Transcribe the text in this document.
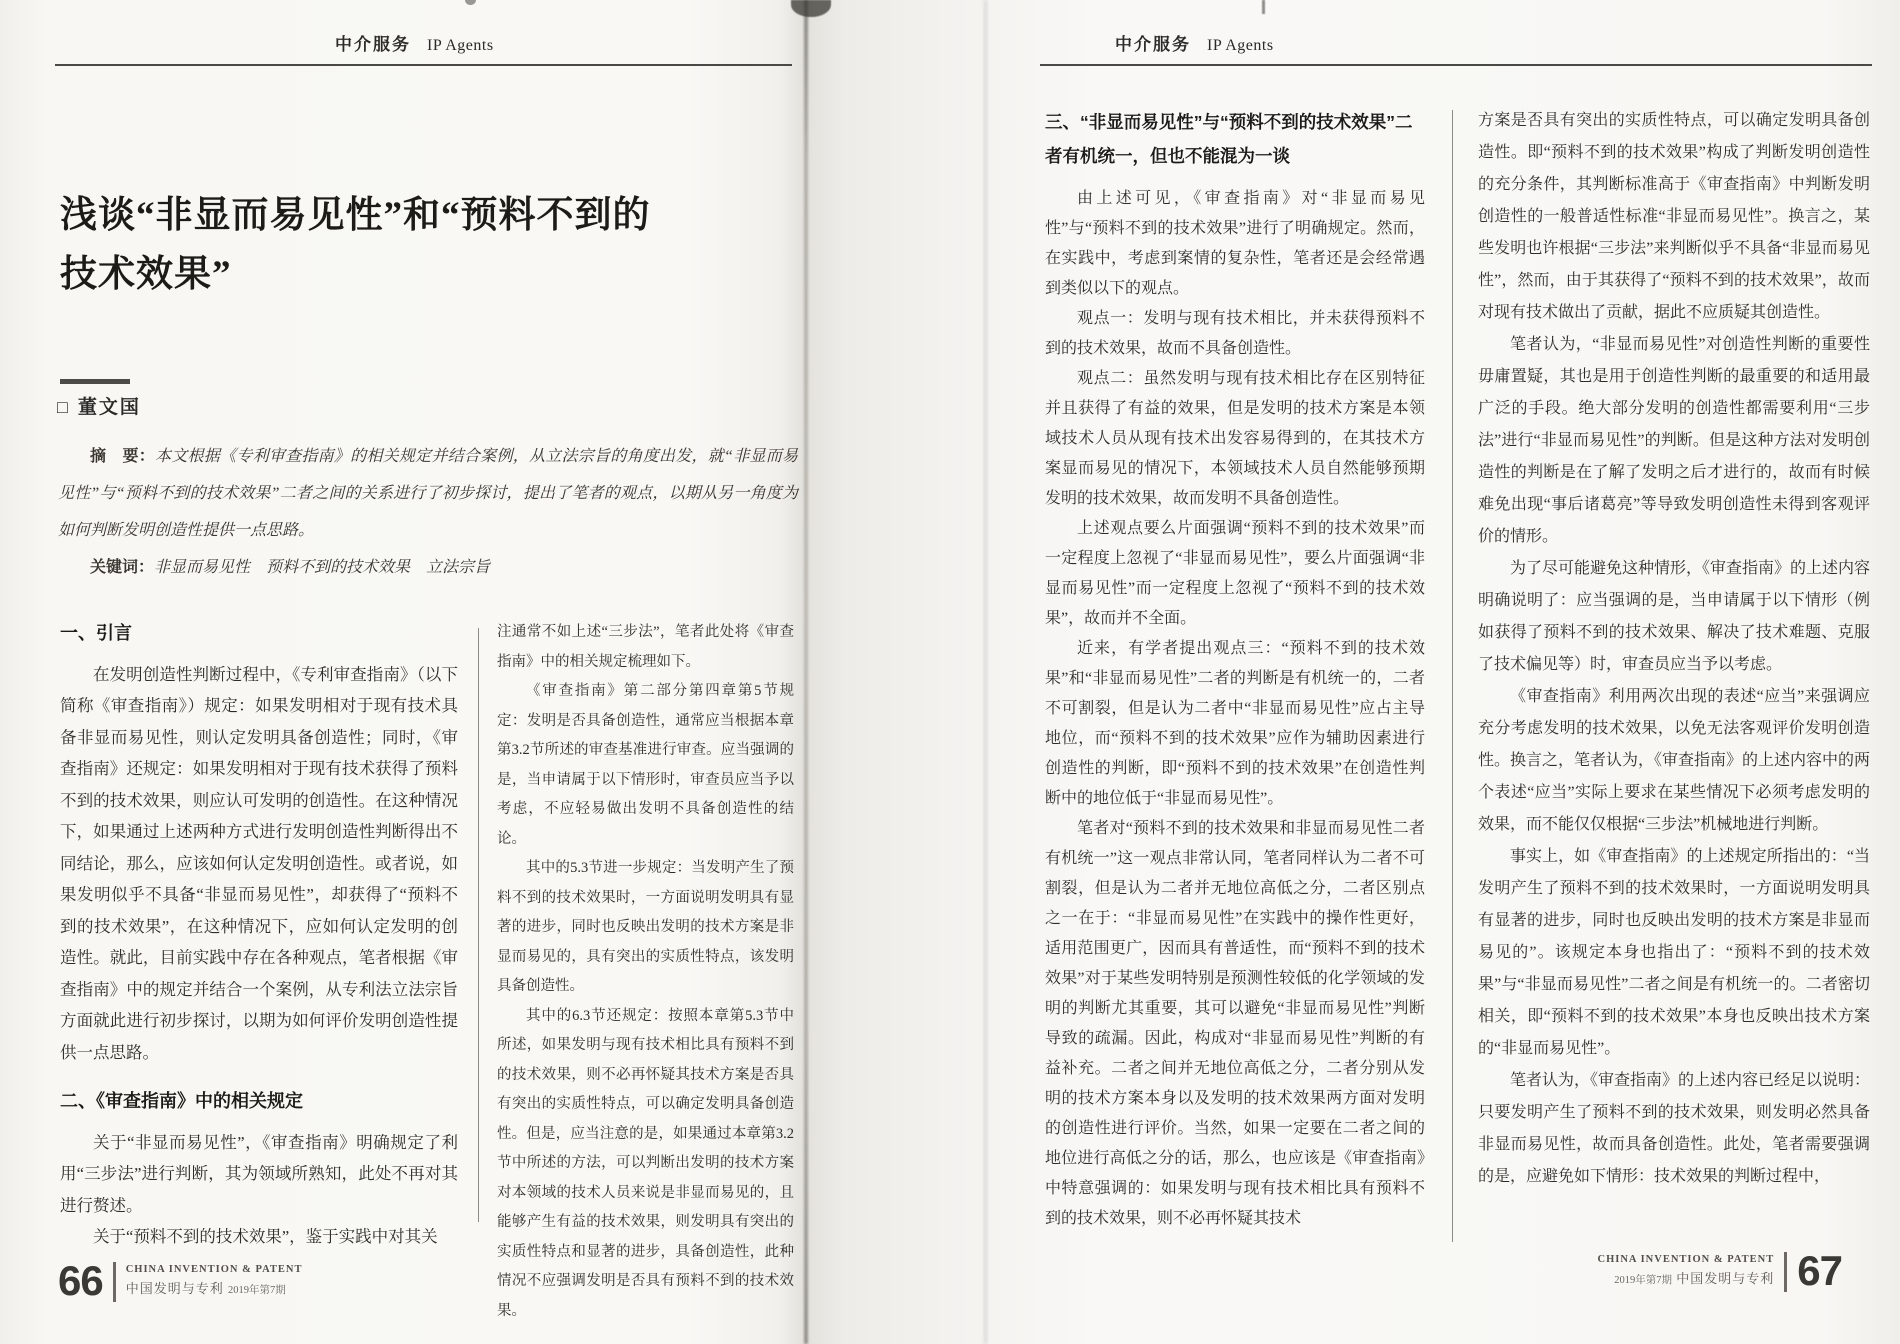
中介服务 IP Agents	中介服务 IP Agents
浅谈“非显而易见性”和“预料不到的
技术效果”
□ 董文国

摘　要：本文根据《专利审查指南》的相关规定并结合案例，从立法宗旨的角度出发，就“非显而易见性”与“预料不到的技术效果”二者之间的关系进行了初步探讨，提出了笔者的观点，以期从另一角度为如何判断发明创造性提供一点思路。

关键词：非显而易见性　预料不到的技术效果　立法宗旨
一、引言

在发明创造性判断过程中，《专利审查指南》（以下简称《审查指南》）规定：如果发明相对于现有技术具备非显而易见性，则认定发明具备创造性；同时，《审查指南》还规定：如果发明相对于现有技术获得了预料不到的技术效果，则应认可发明的创造性。在这种情况下，如果通过上述两种方式进行发明创造性判断得出不同结论，那么，应该如何认定发明创造性。或者说，如果发明似乎不具备“非显而易见性”，却获得了“预料不到的技术效果”，在这种情况下，应如何认定发明的创造性。就此，目前实践中存在各种观点，笔者根据《审查指南》中的规定并结合一个案例，从专利法立法宗旨方面就此进行初步探讨，以期为如何评价发明创造性提供一点思路。

二、《审查指南》中的相关规定

关于“非显而易见性”，《审查指南》明确规定了利用“三步法”进行判断，其为领域所熟知，此处不再对其进行赘述。

关于“预料不到的技术效果”，鉴于实践中对其关

注通常不如上述“三步法”，笔者此处将《审查指南》中的相关规定梳理如下。

《审查指南》第二部分第四章第5节规定：发明是否具备创造性，通常应当根据本章第3.2节所述的审查基准进行审查。应当强调的是，当申请属于以下情形时，审查员应当予以考虑，不应轻易做出发明不具备创造性的结论。

其中的5.3节进一步规定：当发明产生了预料不到的技术效果时，一方面说明发明具有显著的进步，同时也反映出发明的技术方案是非显而易见的，具有突出的实质性特点，该发明具备创造性。

其中的6.3节还规定：按照本章第5.3节中所述，如果发明与现有技术相比具有预料不到的技术效果，则不必再怀疑其技术方案是否具有突出的实质性特点，可以确定发明具备创造性。但是，应当注意的是，如果通过本章第3.2节中所述的方法，可以判断出发明的技术方案对本领域的技术人员来说是非显而易见的，且能够产生有益的技术效果，则发明具有突出的实质性特点和显著的进步，具备创造性，此种情况不应强调发明是否具有预料不到的技术效果。

三、“非显而易见性”与“预料不到的技术效果”二者有机统一，但也不能混为一谈

由上述可见，《审查指南》对“非显而易见性”与“预料不到的技术效果”进行了明确规定。然而，在实践中，考虑到案情的复杂性，笔者还是会经常遇到类似以下的观点。

观点一：发明与现有技术相比，并未获得预料不到的技术效果，故而不具备创造性。

观点二：虽然发明与现有技术相比存在区别特征并且获得了有益的效果，但是发明的技术方案是本领域技术人员从现有技术出发容易得到的，在其技术方案显而易见的情况下，本领域技术人员自然能够预期发明的技术效果，故而发明不具备创造性。

上述观点要么片面强调“预料不到的技术效果”而一定程度上忽视了“非显而易见性”，要么片面强调“非显而易见性”而一定程度上忽视了“预料不到的技术效果”，故而并不全面。

近来，有学者提出观点三：“预料不到的技术效果”和“非显而易见性”二者的判断是有机统一的，二者不可割裂，但是认为二者中“非显而易见性”应占主导地位，而“预料不到的技术效果”应作为辅助因素进行创造性的判断，即“预料不到的技术效果”在创造性判断中的地位低于“非显而易见性”。

笔者对“预料不到的技术效果和非显而易见性二者有机统一”这一观点非常认同，笔者同样认为二者不可割裂，但是认为二者并无地位高低之分，二者区别点之一在于：“非显而易见性”在实践中的操作性更好，适用范围更广，因而具有普适性，而“预料不到的技术效果”对于某些发明特别是预测性较低的化学领域的发明的判断尤其重要，其可以避免“非显而易见性”判断导致的疏漏。因此，构成对“非显而易见性”判断的有益补充。二者之间并无地位高低之分，二者分别从发明的技术方案本身以及发明的技术效果两方面对发明的创造性进行评价。当然，如果一定要在二者之间的地位进行高低之分的话，那么，也应该是《审查指南》中特意强调的：如果发明与现有技术相比具有预料不到的技术效果，则不必再怀疑其技术

方案是否具有突出的实质性特点，可以确定发明具备创造性。即“预料不到的技术效果”构成了判断发明创造性的充分条件，其判断标准高于《审查指南》中判断发明创造性的一般普适性标准“非显而易见性”。换言之，某些发明也许根据“三步法”来判断似乎不具备“非显而易见性”，然而，由于其获得了“预料不到的技术效果”，故而对现有技术做出了贡献，据此不应质疑其创造性。

笔者认为，“非显而易见性”对创造性判断的重要性毋庸置疑，其也是用于创造性判断的最重要的和适用最广泛的手段。绝大部分发明的创造性都需要利用“三步法”进行“非显而易见性”的判断。但是这种方法对发明创造性的判断是在了解了发明之后才进行的，故而有时候难免出现“事后诸葛亮”等导致发明创造性未得到客观评价的情形。

为了尽可能避免这种情形，《审查指南》的上述内容明确说明了：应当强调的是，当申请属于以下情形（例如获得了预料不到的技术效果、解决了技术难题、克服了技术偏见等）时，审查员应当予以考虑。

《审查指南》利用两次出现的表述“应当”来强调应充分考虑发明的技术效果，以免无法客观评价发明创造性。换言之，笔者认为，《审查指南》的上述内容中的两个表述“应当”实际上要求在某些情况下必须考虑发明的效果，而不能仅仅根据“三步法”机械地进行判断。

事实上，如《审查指南》的上述规定所指出的：“当发明产生了预料不到的技术效果时，一方面说明发明具有显著的进步，同时也反映出发明的技术方案是非显而易见的”。该规定本身也指出了：“预料不到的技术效果”与“非显而易见性”二者之间是有机统一的。二者密切相关，即“预料不到的技术效果”本身也反映出技术方案的“非显而易见性”。

笔者认为，《审查指南》的上述内容已经足以说明：只要发明产生了预料不到的技术效果，则发明必然具备非显而易见性，故而具备创造性。此处，笔者需要强调的是，应避免如下情形：技术效果的判断过程中，

66 CHINA INVENTION & PATENT
中国发明与专利 2019年第7期
CHINA INVENTION & PATENT
2019年第7期 中国发明与专利 67
